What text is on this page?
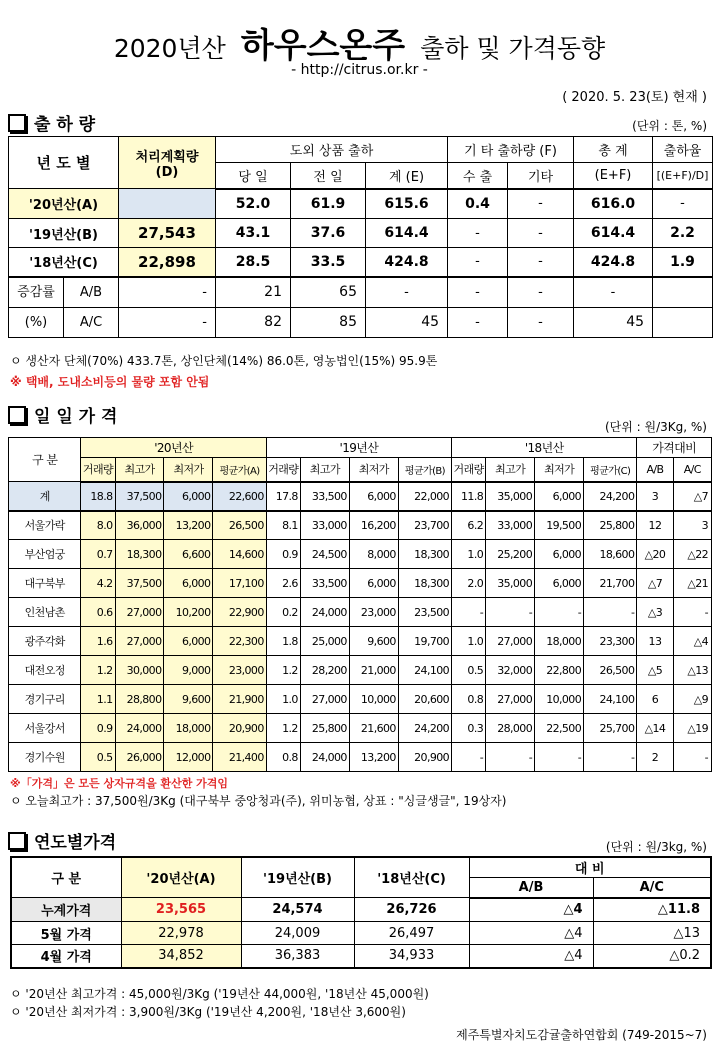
2020년산 하우스온주 출하 및 가격동향
- http://citrus.or.kr -
( 2020. 5. 23(토) 현재 )
출 하 량	(단위 : 톤, %)
년 도 별	처리계획량
(D)	도외 상품 출하			기 타 출하량 (F)		총 계	출하율
		당 일	전 일	계 (E)	수 출	기타	(E+F)	[(E+F)/D]
'20년산(A)		52.0	61.9	615.6	0.4	-	616.0	-
'19년산(B)	27,543	43.1	37.6	614.4	-	-	614.4	2.2
'18년산(C)	22,898	28.5	33.5	424.8	-	-	424.8	1.9
증감률 A/B	-	21	65	-	-	-	-	
(%) A/C	-	82	85	45	-	-	45	
ㅇ 생산자 단체(70%) 433.7톤, 상인단체(14%) 86.0톤, 영농법인(15%) 95.9톤
※ 택배, 도내소비등의 물량 포함 안됨
일 일 가 격	(단위 : 원/3Kg, %)
구 분	'20년산				'19년산				'18년산				가격대비	
	거래량	최고가	최저가	평균가(A)	거래량	최고가	최저가	평균가(B)	거래량	최고가	최저가	평균가(C)	A/B	A/C
계	18.8	37,500	6,000	22,600	17.8	33,500	6,000	22,000	11.8	35,000	6,000	24,200	3	△7
서울가락	8.0	36,000	13,200	26,500	8.1	33,000	16,200	23,700	6.2	33,000	19,500	25,800	12	3
부산엄궁	0.7	18,300	6,600	14,600	0.9	24,500	8,000	18,300	1.0	25,200	6,000	18,600	△20	△22
대구북부	4.2	37,500	6,000	17,100	2.6	33,500	6,000	18,300	2.0	35,000	6,000	21,700	△7	△21
인천남촌	0.6	27,000	10,200	22,900	0.2	24,000	23,000	23,500	-	-	-	-	△3	-
광주각화	1.6	27,000	6,000	22,300	1.8	25,000	9,600	19,700	1.0	27,000	18,000	23,300	13	△4
대전오정	1.2	30,000	9,000	23,000	1.2	28,200	21,000	24,100	0.5	32,000	22,800	26,500	△5	△13
경기구리	1.1	28,800	9,600	21,900	1.0	27,000	10,000	20,600	0.8	27,000	10,000	24,100	6	△9
서울강서	0.9	24,000	18,000	20,900	1.2	25,800	21,600	24,200	0.3	28,000	22,500	25,700	△14	△19
경기수원	0.5	26,000	12,000	21,400	0.8	24,000	13,200	20,900	-	-	-	-	2	-
※「가격」은 모든 상자규격을 환산한 가격임
ㅇ 오늘최고가 : 37,500원/3Kg (대구북부 중앙청과(주), 위미농협, 상표 : "싱글생글", 19상자)
연도별가격	(단위 : 원/3kg, %)
구 분	'20년산(A)	'19년산(B)	'18년산(C)	대 비	
				A/B	A/C
누계가격	23,565	24,574	26,726	△4	△11.8
5월 가격	22,978	24,009	26,497	△4	△13
4월 가격	34,852	36,383	34,933	△4	△0.2
ㅇ '20년산 최고가격 : 45,000원/3Kg ('19년산 44,000원, '18년산 45,000원)
ㅇ '20년산 최저가격 : 3,900원/3Kg ('19년산 4,200원, '18년산 3,600원)
제주특별자치도감귤출하연합회 (749-2015~7)
